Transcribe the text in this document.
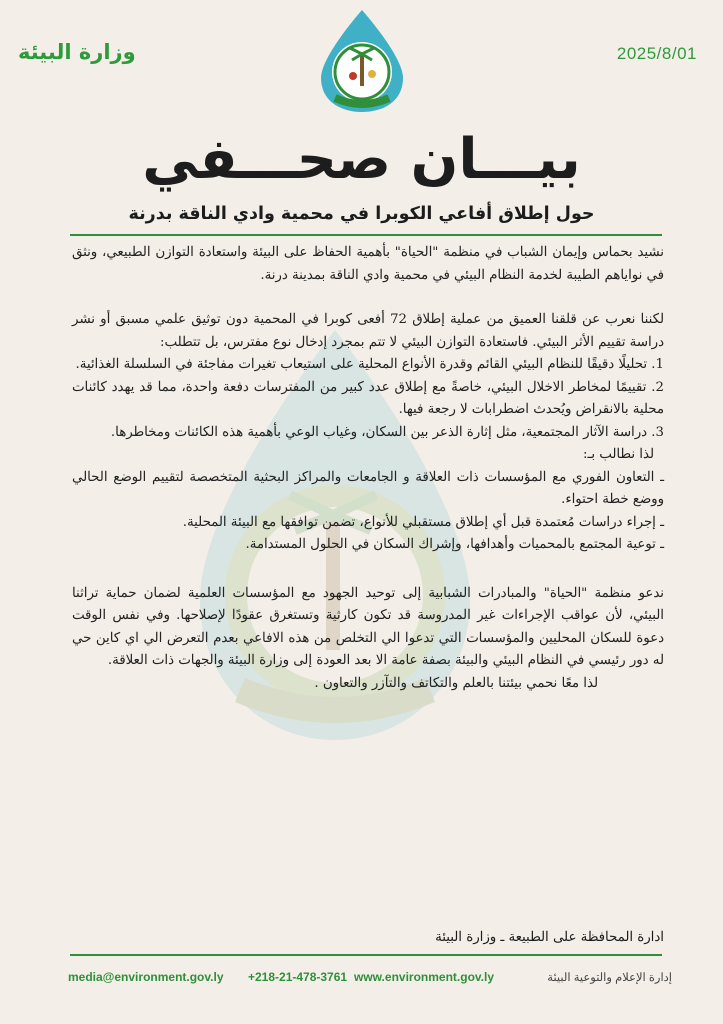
وزارة البيئة	2025/8/01
بيـــان صحـــفي
حول إطلاق أفاعي الكوبرا في محمية وادي الناقة بدرنة

نشيد بحماس وإيمان الشباب في منظمة "الحياة" بأهمية الحفاظ على البيئة واستعادة التوازن الطبيعي، ونثق في نواياهم الطيبة لخدمة النظام البيئي في محمية وادي الناقة بمدينة درنة.

لكننا نعرب عن قلقنا العميق من عملية إطلاق 72 أفعى كوبرا في المحمية دون توثيق علمي مسبق أو نشر دراسة تقييم الأثر البيئي. فاستعادة التوازن البيئي لا تتم بمجرد إدخال نوع مفترس، بل تتطلب:

1. تحليلًا دقيقًا للنظام البيئي القائم وقدرة الأنواع المحلية على استيعاب تغيرات مفاجئة في السلسلة الغذائية.

2. تقييمًا لمخاطر الاخلال البيئي، خاصةً مع إطلاق عدد كبير من المفترسات دفعة واحدة، مما قد يهدد كائنات محلية بالانقراض ويُحدث اضطرابات لا رجعة فيها.

3. دراسة الآثار المجتمعية، مثل إثارة الذعر بين السكان، وغياب الوعي بأهمية هذه الكائنات ومخاطرها.

لذا نطالب بـ:

ـ التعاون الفوري مع المؤسسات ذات العلاقة و الجامعات والمراكز البحثية المتخصصة لتقييم الوضع الحالي ووضع خطة احتواء.

ـ إجراء دراسات مُعتمدة قبل أي إطلاق مستقبلي للأنواع، تضمن توافقها مع البيئة المحلية.

ـ توعية المجتمع بالمحميات وأهدافها، وإشراك السكان في الحلول المستدامة.

ندعو منظمة "الحياة" والمبادرات الشبابية إلى توحيد الجهود مع المؤسسات العلمية لضمان حماية تراثنا البيئي، لأن عواقب الإجراءات غير المدروسة قد تكون كارثية وتستغرق عقودًا لإصلاحها. وفي نفس الوقت دعوة للسكان المحليين والمؤسسات التي تدعوا الي التخلص من هذه الافاعي بعدم التعرض الي اي كاين حي له دور رئيسي في النظام البيئي والبيئة بصفة عامة الا بعد العودة إلى وزارة البيئة والجهات ذات العلاقة.

لذا معًا نحمي بيئتنا بالعلم والتكاتف والتآزر والتعاون .

ادارة المحافظة على الطبيعة ـ وزارة البيئة
إدارة الإعلام والتوعية البيئة
www.environment.gov.ly
+218-21-478-3761
media@environment.gov.ly
